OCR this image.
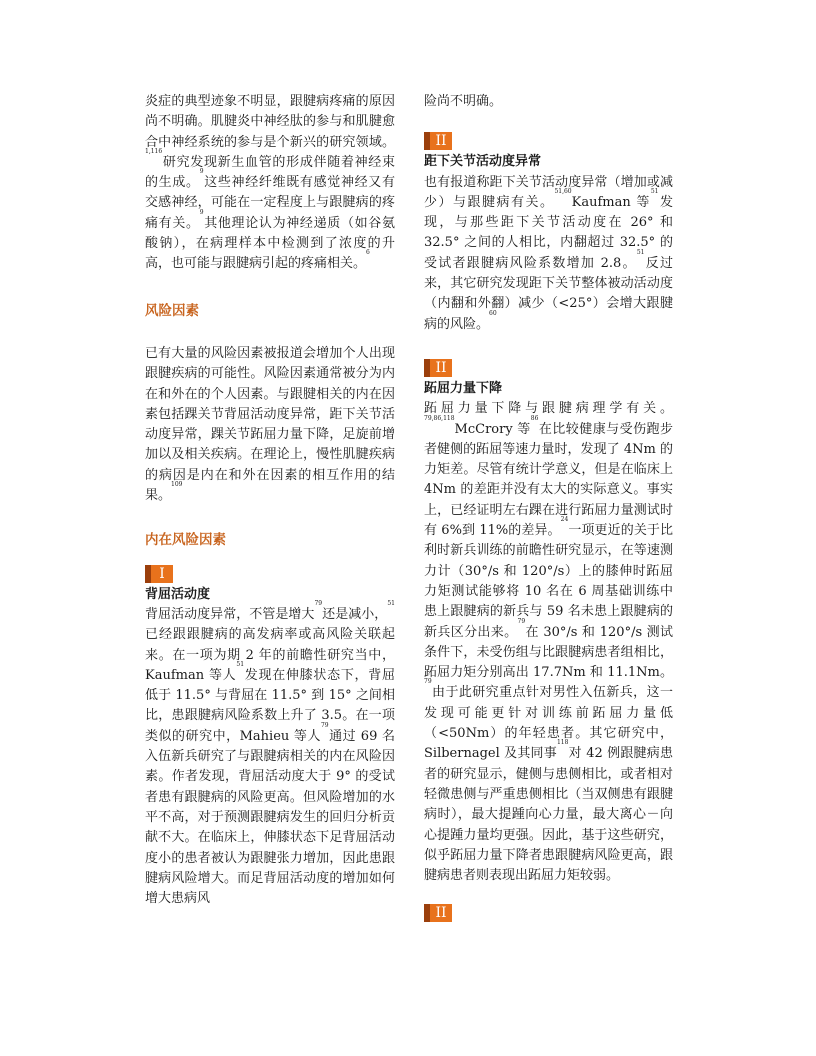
炎症的典型迹象不明显，跟腱病疼痛的原因尚不明确。肌腱炎中神经肽的参与和肌腱愈合中神经系统的参与是个新兴的研究领域。$^{1,116}$研究发现新生血管的形成伴随着神经束的生成。$^9$这些神经纤维既有感觉神经又有交感神经，可能在一定程度上与跟腱病的疼痛有关。$^9$其他理论认为神经递质（如谷氨酸钠），在病理样本中检测到了浓度的升高，也可能与跟腱病引起的疼痛相关。$^6$

风险因素

已有大量的风险因素被报道会增加个人出现跟腱疾病的可能性。风险因素通常被分为内在和外在的个人因素。与跟腱相关的内在因素包括踝关节背屈活动度异常，距下关节活动度异常，踝关节跖屈力量下降，足旋前增加以及相关疾病。在理论上，慢性肌腱疾病的病因是内在和外在因素的相互作用的结果。$^{109}$

内在风险因素

I

背屈活动度

背屈活动度异常，不管是增大$^{79}$还是减小，$^{51}$已经跟跟腱病的高发病率或高风险关联起来。在一项为期 2 年的前瞻性研究当中，Kaufman 等人$^{51}$发现在伸膝状态下，背屈低于 11.5° 与背屈在 11.5° 到 15° 之间相比，患跟腱病风险系数上升了 3.5。在一项类似的研究中，Mahieu 等人$^{79}$通过 69 名入伍新兵研究了与跟腱病相关的内在风险因素。作者发现，背屈活动度大于 9° 的受试者患有跟腱病的风险更高。但风险增加的水平不高，对于预测跟腱病发生的回归分析贡献不大。在临床上，伸膝状态下足背屈活动度小的患者被认为跟腱张力增加，因此患跟腱病风险增大。而足背屈活动度的增加如何增大患病风

险尚不明确。

II

距下关节活动度异常

也有报道称距下关节活动度异常（增加或减少）与跟腱病有关。$^{51,60}$Kaufman 等$^{51}$发现，与那些距下关节活动度在 26° 和 32.5° 之间的人相比，内翻超过 32.5° 的受试者跟腱病风险系数增加 2.8。$^{51}$反过来，其它研究发现距下关节整体被动活动度（内翻和外翻）减少（<25°）会增大跟腱病的风险。$^{60}$

II

跖屈力量下降

跖屈力量下降与跟腱病理学有关。$^{79,86,118}$McCrory 等$^{86}$在比较健康与受伤跑步者健侧的跖屈等速力量时，发现了 4Nm 的力矩差。尽管有统计学意义，但是在临床上 4Nm 的差距并没有太大的实际意义。事实上，已经证明左右踝在进行跖屈力量测试时有 6%到 11%的差异。$^{24}$一项更近的关于比利时新兵训练的前瞻性研究显示，在等速测力计（30°/s 和 120°/s）上的膝伸时跖屈力矩测试能够将 10 名在 6 周基础训练中患上跟腱病的新兵与 59 名未患上跟腱病的新兵区分出来。$^{79}$在 30°/s 和 120°/s 测试条件下，未受伤组与比跟腱病患者组相比，跖屈力矩分别高出 17.7Nm 和 11.1Nm。$^{79}$由于此研究重点针对男性入伍新兵，这一发现可能更针对训练前跖屈力量低（<50Nm）的年轻患者。其它研究中，Silbernagel 及其同事$^{118}$对 42 例跟腱病患者的研究显示，健侧与患侧相比，或者相对轻微患侧与严重患侧相比（当双侧患有跟腱病时），最大提踵向心力量，最大离心－向心提踵力量均更强。因此，基于这些研究，似乎跖屈力量下降者患跟腱病风险更高，跟腱病患者则表现出跖屈力矩较弱。

II
